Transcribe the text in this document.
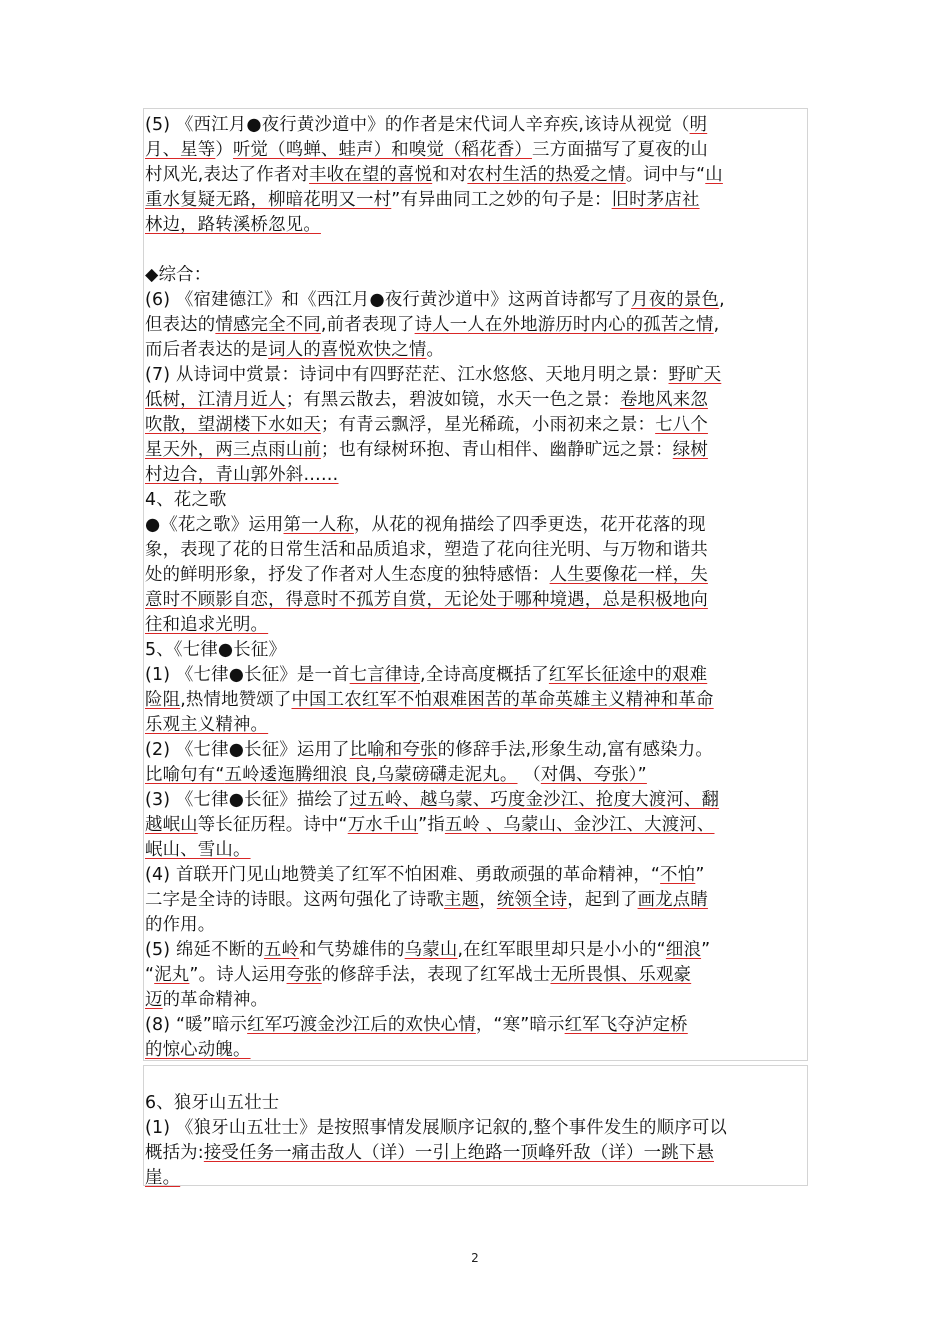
(5) 《西江月●夜行黄沙道中》的作者是宋代词人辛弃疾,该诗从视觉（明

月、星等）听觉（鸣蝉、蛙声）和嗅觉（稻花香）三方面描写了夏夜的山

村风光,表达了作者对丰收在望的喜悦和对农村生活的热爱之情。词中与“山

重水复疑无路，柳暗花明又一村”有异曲同工之妙的句子是：旧时茅店社

林边，路转溪桥忽见。

◆综合：

(6) 《宿建德江》和《西江月●夜行黄沙道中》这两首诗都写了月夜的景色,

但表达的情感完全不同,前者表现了诗人一人在外地游历时内心的孤苦之情,

而后者表达的是词人的喜悦欢快之情。

(7) 从诗词中赏景：诗词中有四野茫茫、江水悠悠、天地月明之景：野旷天

低树，江清月近人；有黑云散去，碧波如镜，水天一色之景：卷地风来忽

吹散，望湖楼下水如天；有青云飘浮，星光稀疏，小雨初来之景：七八个

星天外，两三点雨山前；也有绿树环抱、青山相伴、幽静旷远之景：绿树

村边合，青山郭外斜……

4、花之歌

●《花之歌》运用第一人称，从花的视角描绘了四季更迭，花开花落的现

象，表现了花的日常生活和品质追求，塑造了花向往光明、与万物和谐共

处的鲜明形象，抒发了作者对人生态度的独特感悟：人生要像花一样，失

意时不顾影自恋，得意时不孤芳自赏，无论处于哪种境遇，总是积极地向

往和追求光明。

5、《七律●长征》

(1) 《七律●长征》是一首七言律诗,全诗高度概括了红军长征途中的艰难

险阻,热情地赞颂了中国工农红军不怕艰难困苦的革命英雄主义精神和革命

乐观主义精神。

(2) 《七律●长征》运用了比喻和夸张的修辞手法,形象生动,富有感染力。

比喻句有“五岭逶迤腾细浪 良,乌蒙磅礴走泥丸。 （对偶、夸张）”

(3) 《七律●长征》描绘了过五岭、越乌蒙、巧度金沙江、抢度大渡河、翻

越岷山等长征历程。诗中“万水千山”指五岭 、乌蒙山、金沙江、大渡河、

岷山、雪山。

(4) 首联开门见山地赞美了红军不怕困难、勇敢顽强的革命精神，“不怕”

二字是全诗的诗眼。这两句强化了诗歌主题，统领全诗，起到了画龙点睛

的作用。

(5) 绵延不断的五岭和气势雄伟的乌蒙山,在红军眼里却只是小小的“细浪”

“泥丸”。诗人运用夸张的修辞手法，表现了红军战士无所畏惧、乐观豪

迈的革命精神。

(8) “暖”暗示红军巧渡金沙江后的欢快心情，“寒”暗示红军飞夺泸定桥

的惊心动魄。

6、狼牙山五壮士

(1) 《狼牙山五壮士》是按照事情发展顺序记叙的,整个事件发生的顺序可以

概括为:接受任务一痛击敌人（详）一引上绝路一顶峰歼敌（详）一跳下悬

崖。

2
